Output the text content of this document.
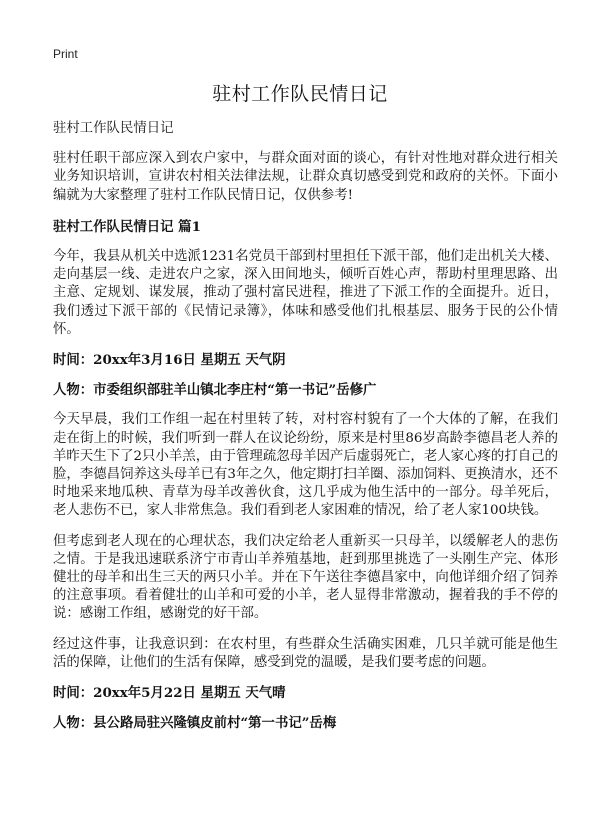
Print
驻村工作队民情日记

驻村工作队民情日记

驻村任职干部应深入到农户家中，与群众面对面的谈心，有针对性地对群众进行相关业务知识培训，宣讲农村相关法律法规，让群众真切感受到党和政府的关怀。下面小编就为大家整理了驻村工作队民情日记，仅供参考!

驻村工作队民情日记 篇1

今年，我县从机关中选派1231名党员干部到村里担任下派干部，他们走出机关大楼、走向基层一线、走进农户之家，深入田间地头，倾听百姓心声，帮助村里理思路、出主意、定规划、谋发展，推动了强村富民进程，推进了下派工作的全面提升。近日，我们透过下派干部的《民情记录簿》，体味和感受他们扎根基层、服务于民的公仆情怀。

时间：20xx年3月16日 星期五 天气阴

人物：市委组织部驻羊山镇北李庄村“第一书记”岳修广

今天早晨，我们工作组一起在村里转了转，对村容村貌有了一个大体的了解，在我们走在街上的时候，我们听到一群人在议论纷纷，原来是村里86岁高龄李德昌老人养的羊昨天生下了2只小羊羔，由于管理疏忽母羊因产后虚弱死亡，老人家心疼的打自己的脸，李德昌饲养这头母羊已有3年之久，他定期打扫羊圈、添加饲料、更换清水，还不时地采来地瓜秧、青草为母羊改善伙食，这几乎成为他生活中的一部分。母羊死后，老人悲伤不已，家人非常焦急。我们看到老人家困难的情况，给了老人家100块钱。

但考虑到老人现在的心理状态，我们决定给老人重新买一只母羊，以缓解老人的悲伤之情。于是我迅速联系济宁市青山羊养殖基地，赶到那里挑选了一头刚生产完、体形健壮的母羊和出生三天的两只小羊。并在下午送往李德昌家中，向他详细介绍了饲养的注意事项。看着健壮的山羊和可爱的小羊，老人显得非常激动，握着我的手不停的说：感谢工作组，感谢党的好干部。

经过这件事，让我意识到：在农村里，有些群众生活确实困难，几只羊就可能是他生活的保障，让他们的生活有保障，感受到党的温暖，是我们要考虑的问题。

时间：20xx年5月22日 星期五 天气晴

人物：县公路局驻兴隆镇皮前村“第一书记”岳梅
